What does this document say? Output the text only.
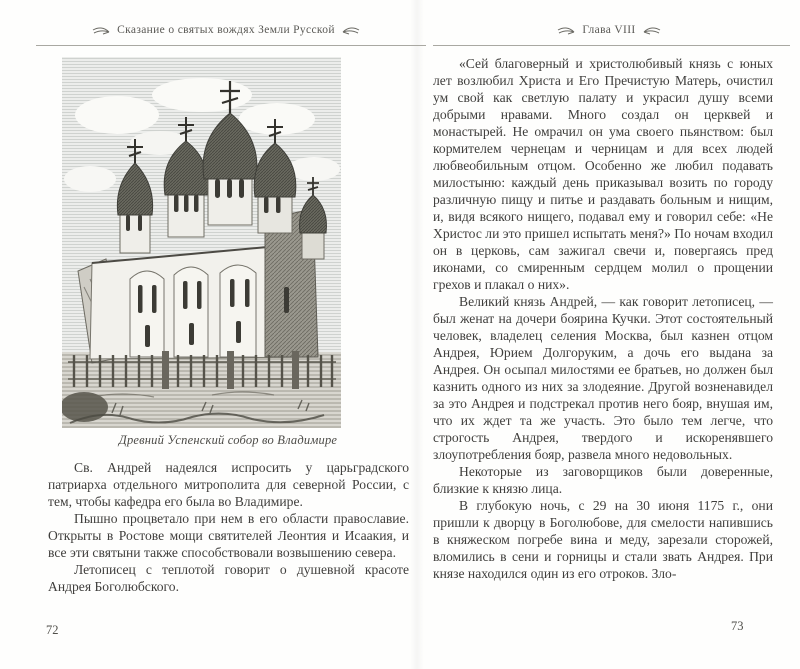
Сказание о святых вождях Земли Русской
Древний Успенский собор во Владимире

Св. Андрей надеялся испросить у царьградского патриарха отдельного митрополита для северной России, с тем, чтобы кафедра его была во Владимире.

Пышно процветало при нем в его области православие. Открыты в Ростове мощи святителей Леонтия и Исаакия, и все эти святыни также способствовали возвышению севера.

Летописец с теплотой говорит о душевной красоте Андрея Боголюбского.

72
Глава VIII

«Сей благоверный и христолюбивый князь с юных лет возлюбил Христа и Его Пречистую Матерь, очистил ум свой как светлую палату и украсил душу всеми добрыми нравами. Много создал он церквей и монастырей. Не омрачил он ума своего пьянством: был кормителем чернецам и черницам и для всех людей любвеобильным отцом. Особенно же любил подавать милостыню: каждый день приказывал возить по городу различную пищу и питье и раздавать больным и нищим, и, видя всякого нищего, подавал ему и говорил себе: «Не Христос ли это пришел испытать меня?» По ночам входил он в церковь, сам зажигал свечи и, повергаясь пред иконами, со смиренным сердцем молил о прощении грехов и плакал о них».

Великий князь Андрей, — как говорит летописец, — был женат на дочери боярина Кучки. Этот состоятельный человек, владелец селения Москва, был казнен отцом Андрея, Юрием Долгоруким, а дочь его выдана за Андрея. Он осыпал милостями ее братьев, но должен был казнить одного из них за злодеяние. Другой возненавидел за это Андрея и подстрекал против него бояр, внушая им, что их ждет та же участь. Это было тем легче, что строгость Андрея, твердого и искоренявшего злоупотребления бояр, развела много недовольных.

Некоторые из заговорщиков были доверенные, близкие к князю лица.

В глубокую ночь, с 29 на 30 июня 1175 г., они пришли к дворцу в Боголюбове, для смелости напившись в княжеском погребе вина и меду, зарезали сторожей, вломились в сени и горницы и стали звать Андрея. При князе находился один из его отроков. Зло-

73
